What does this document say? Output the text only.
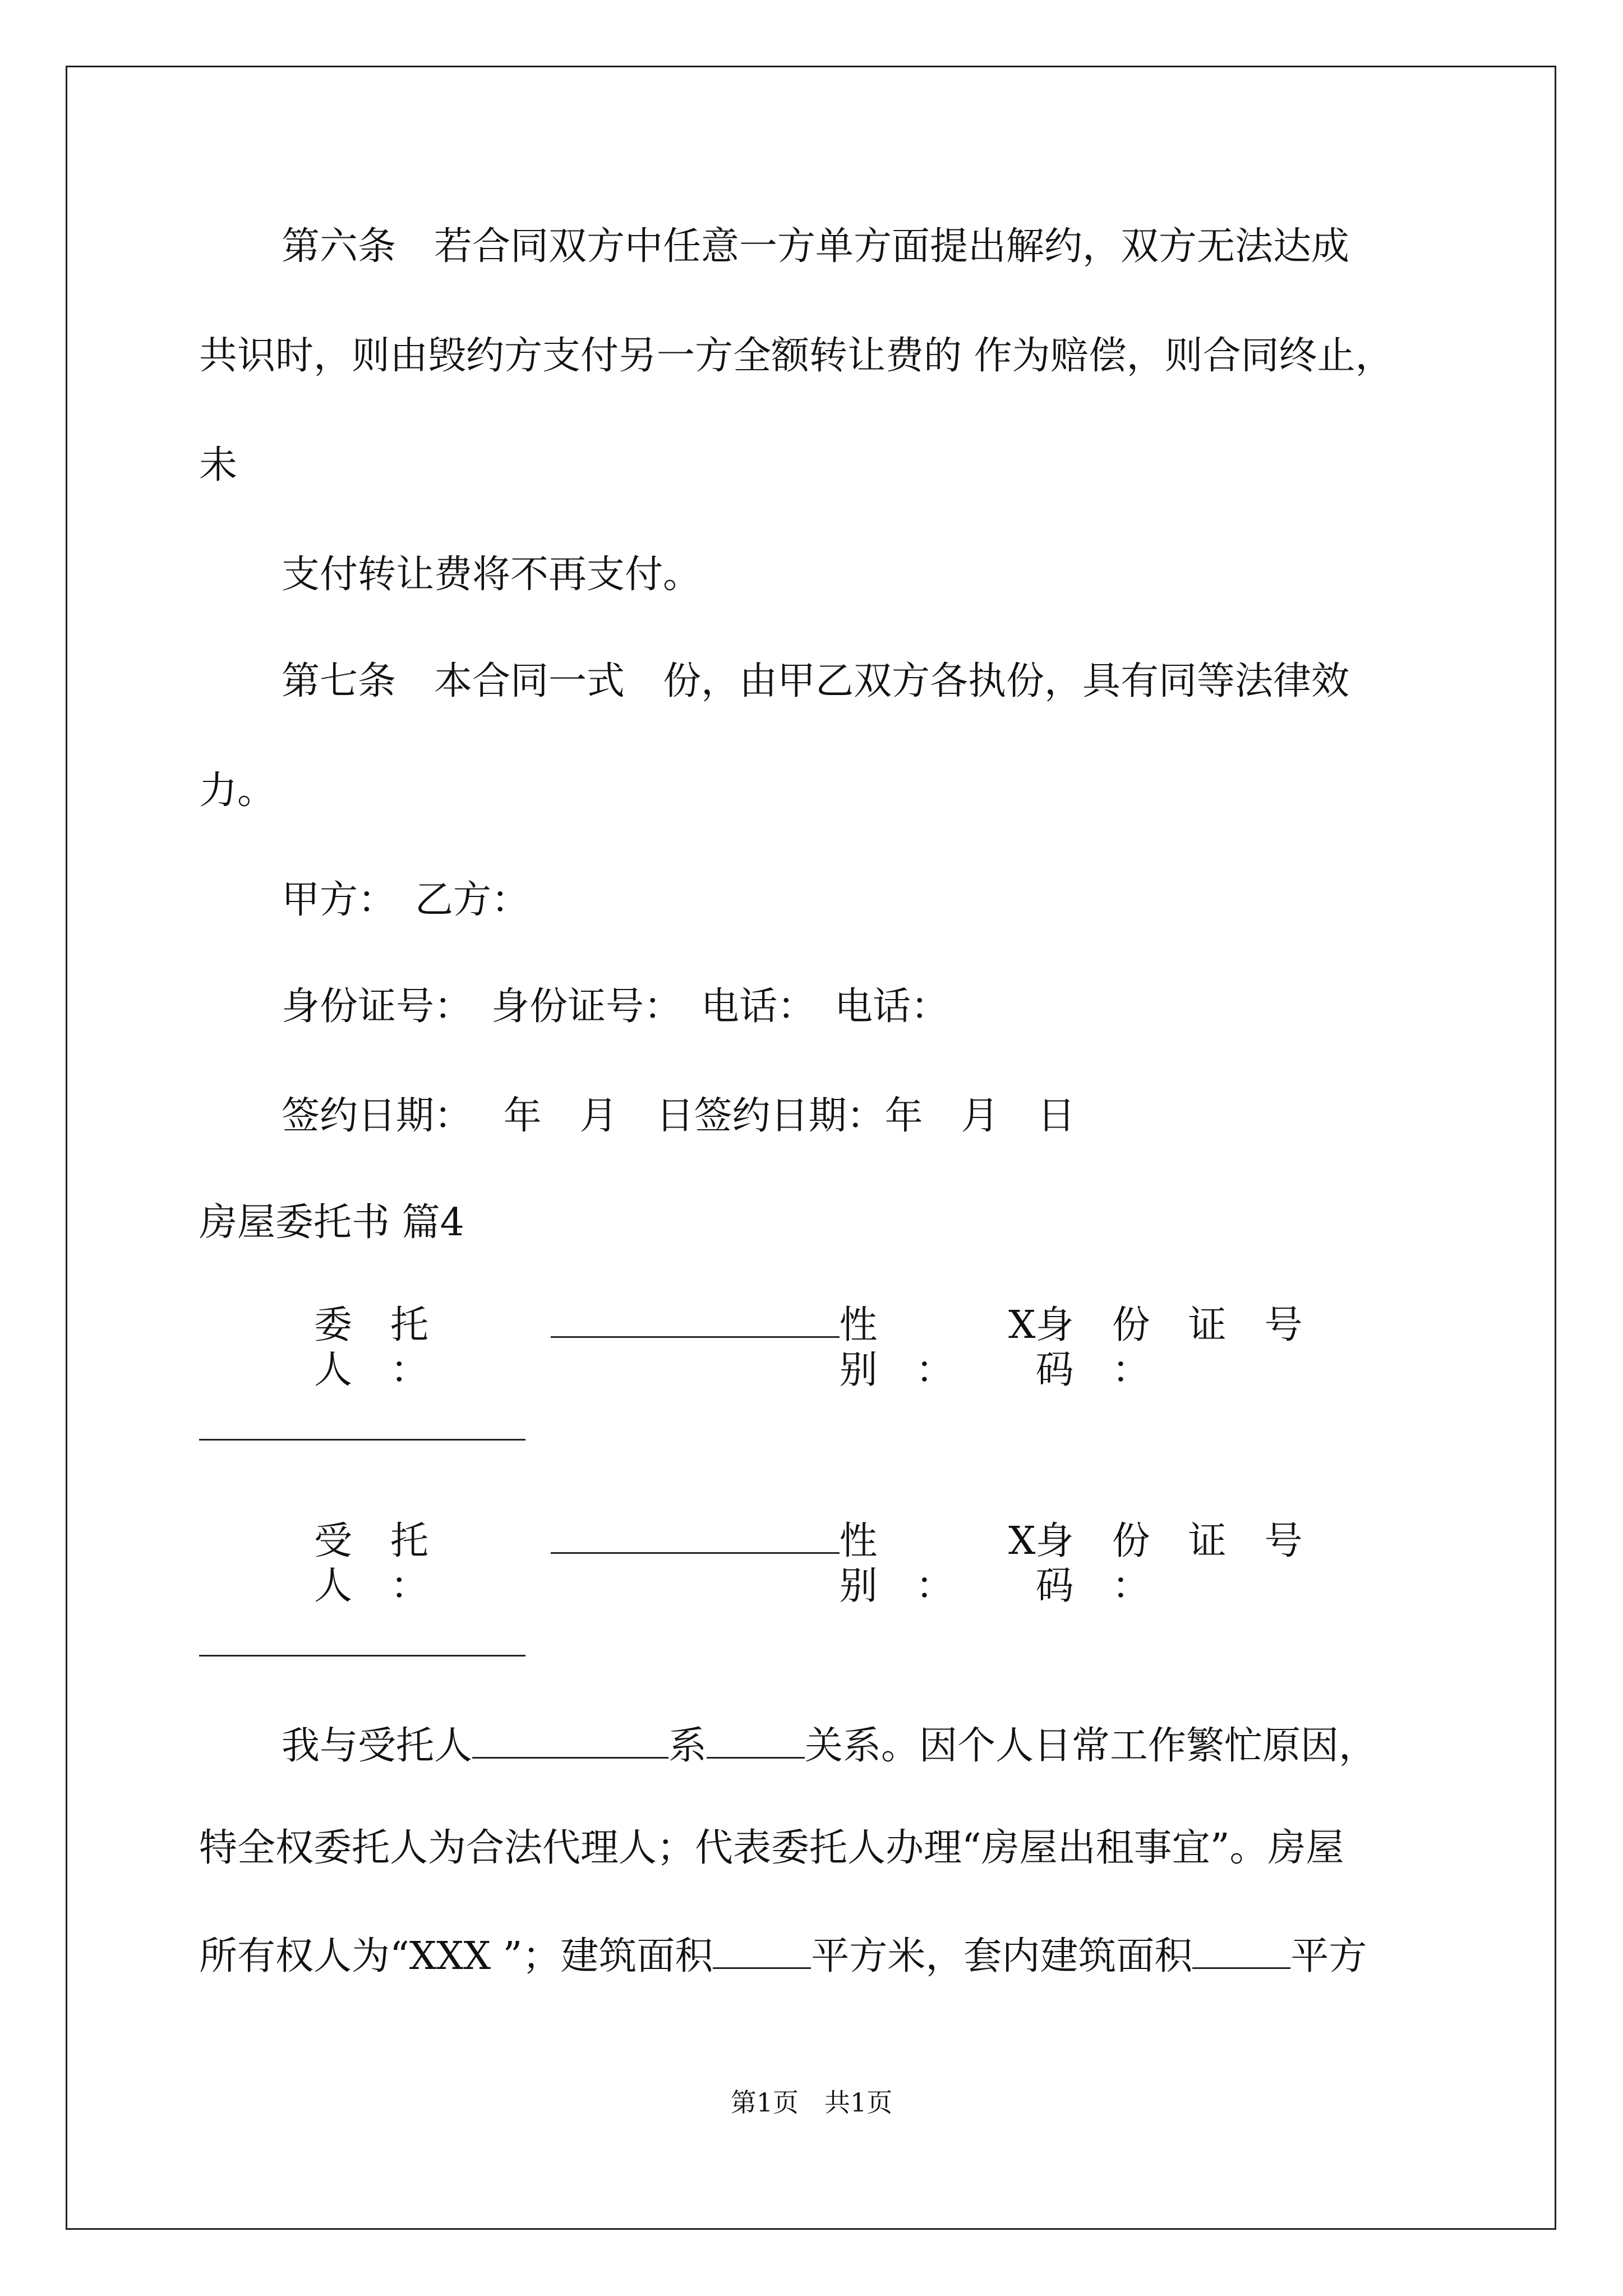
第六条　若合同双方中任意一方单方面提出解约，双方无法达成

共识时，则由毁约方支付另一方全额转让费的 作为赔偿，则合同终止，

未

支付转让费将不再支付。

第七条　本合同一式　份，由甲乙双方各执份，具有同等法律效

力。

甲方：　乙方：

身份证号：　身份证号：　电话：　电话：

签约日期：　 年　月　日签约日期：年　月　日

房屋委托书 篇4

委　托　人　：
性　别　：
X 身　份　证　号　码　：
受　托　人　：
性　别　：
X 身　份　证　号　码　：

我与受托人	系	关系。因个人日常工作繁忙原因，

特全权委托人为合法代理人；代表委托人办理“房屋出租事宜”。房屋

所有权人为“XXX ”；建筑面积	平方米，套内建筑面积	平方

第1页　共1页
